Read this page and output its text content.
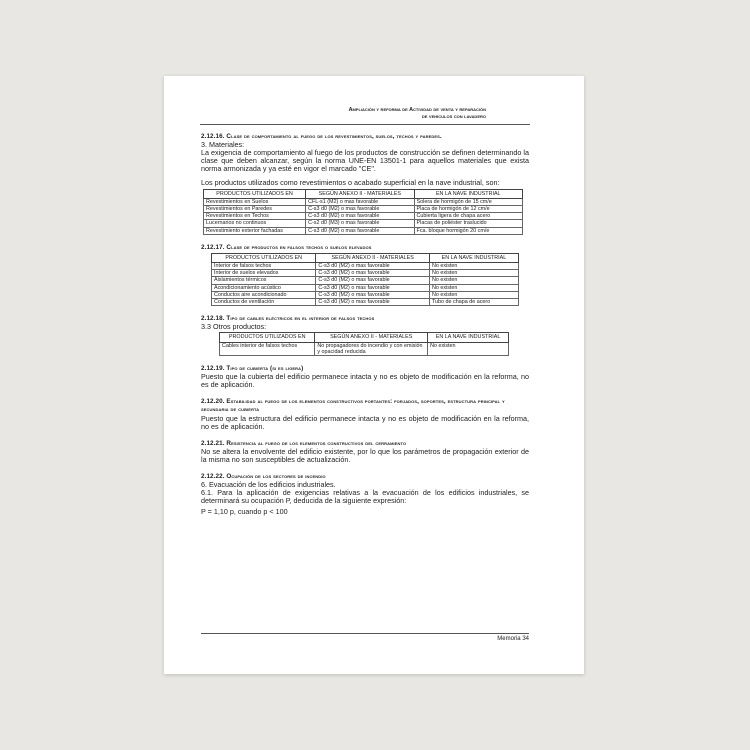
Ampliación y reforma de Actividad de venta y reparación
de vehículos con lavadero
2.12.16. Clase de comportamiento al fuego de los revestimientos, suelos, techos y paredes.

3. Materiales:

La exigencia de comportamiento al fuego de los productos de construcción se definen determinando la clase que deben alcanzar, según la norma UNE-EN 13501-1 para aquellos materiales que exista norma armonizada y ya esté en vigor el marcado "CE".

Los productos utilizados como revestimientos o acabado superficial en la nave industrial, son:

PRODUCTOS UTILIZADOS EN	SEGÚN ANEXO II - MATERIALES	EN LA NAVE INDUSTRIAL
Revestimientos en Suelos	CFL-s1 (M2) o mas favorable	Solera de hormigón de 15 cm/e
Revestimientos en Paredes	C-s3 d0 (M2) o mas favorable	Placa de hormigón de 12 cm/e
Revestimientos en Techos	C-s3 d0 (M2) o mas favorable	Cubierta ligera de chapa acero
Lucernarios no continuos	C-s2 d0 (M3) o mas favorable	Placas de poliéster traslucido
Revestimiento exterior fachadas	C-s3 d0 (M2) o mas favorable	Fca. bloque hormigón 20 cm/e
2.12.17. Clase de productos en falsos techos o suelos elevados
PRODUCTOS UTILIZADOS EN	SEGÚN ANEXO II - MATERIALES	EN LA NAVE INDUSTRIAL
Interior de falsos techos	C-s3 d0 (M2) o mas favorable	No existen
Interior de suelos elevados	C-s3 d0 (M2) o mas favorable	No existen
Aislamientos térmicos	C-s3 d0 (M2) o mas favorable	No existen
Acondicionamiento acústico	C-s3 d0 (M2) o mas favorable	No existen
Conductos aire acondicionado	C-s3 d0 (M2) o mas favorable	No existen
Conductos de ventilación	C-s3 d0 (M2) o mas favorable	Tubo de chapa de acero
2.12.18. Tipo de cables eléctricos en el interior de falsos techos

3.3 Otros productos:

PRODUCTOS UTILIZADOS EN	SEGÚN ANEXO II - MATERIALES	EN LA NAVE INDUSTRIAL
Cables interior de falsos techos	No propagadores do incendio y con emisión y opacidad reducida	No existen
2.12.19. Tipo de cubierta (si es ligera)

Puesto que la cubierta del edificio permanece intacta y no es objeto de modificación en la reforma, no es de aplicación.

2.12.20. Estabilidad al fuego de los elementos constructivos portantes: forjados, soportes, estructura principal y secundaria de cubierta

Puesto que la estructura del edificio permanece intacta y no es objeto de modificación en la reforma, no es de aplicación.

2.12.21. Resistencia al fuego de los elementos constructivos del cerramiento

No se altera la envolvente del edificio existente, por lo que los parámetros de propagación exterior de la misma no son susceptibles de actualización.

2.12.22. Ocupación de los sectores de incendio

6. Evacuación de los edificios industriales.

6.1. Para la aplicación de exigencias relativas a la evacuación de los edificios industriales, se determinará su ocupación P, deducida de la siguiente expresión:

P = 1,10 p, cuando p < 100

Memoria 34
